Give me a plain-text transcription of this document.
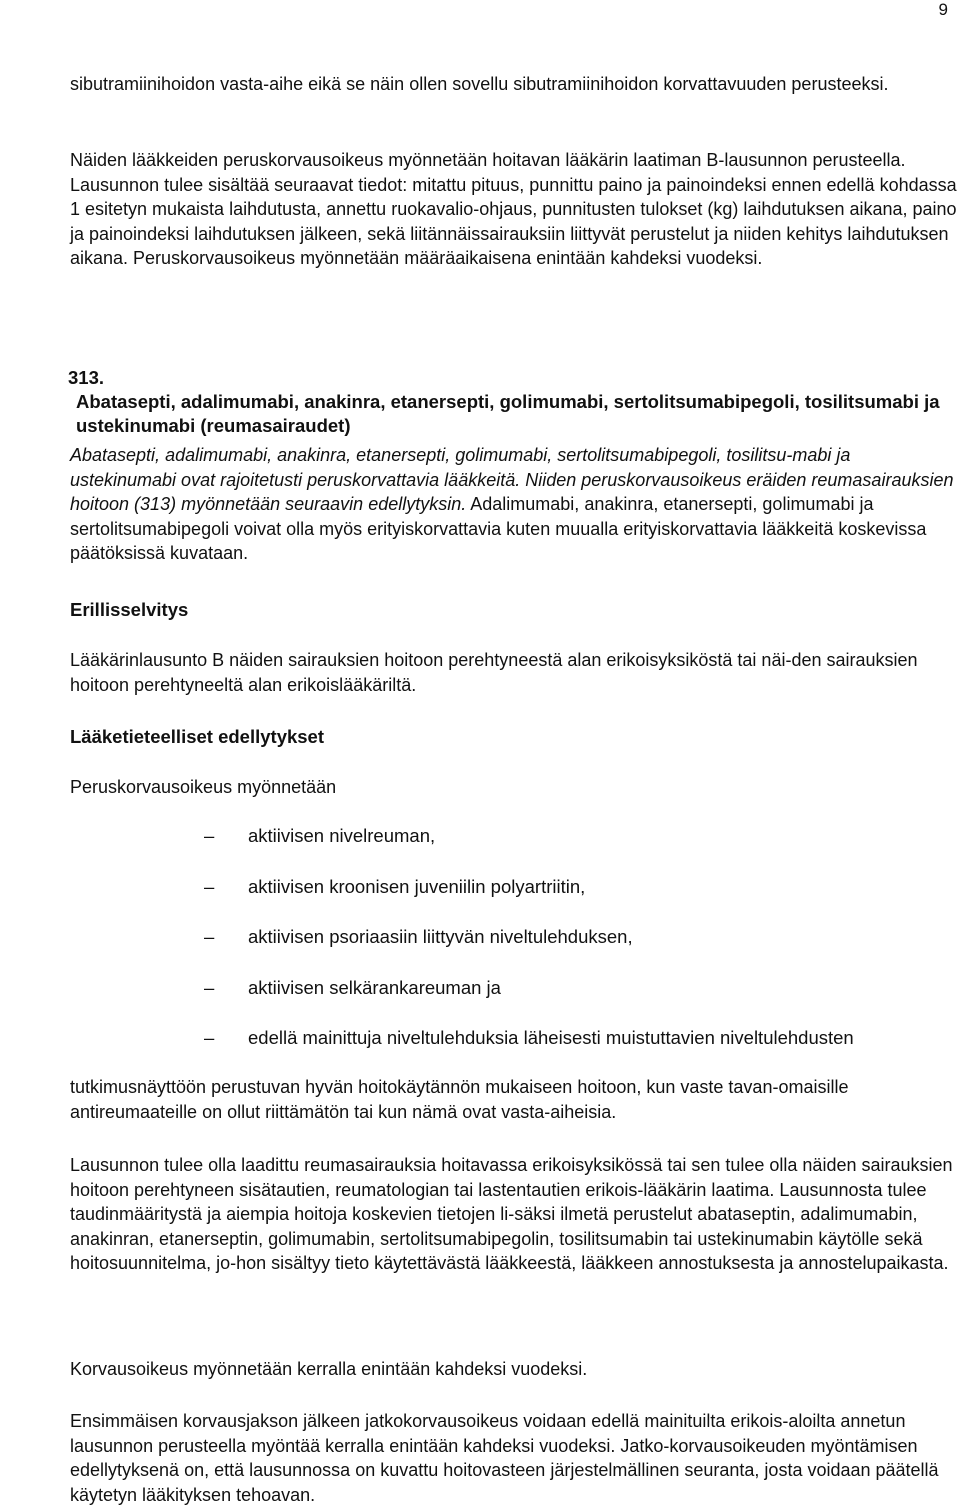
9

sibutramiinihoidon vasta-aihe eikä se näin ollen sovellu sibutramiinihoidon korvattavuuden perusteeksi.

Näiden lääkkeiden peruskorvausoikeus myönnetään hoitavan lääkärin laatiman B-lausunnon perusteella. Lausunnon tulee sisältää seuraavat tiedot: mitattu pituus, punnittu paino ja painoindeksi ennen edellä kohdassa 1 esitetyn mukaista laihdutusta, annettu ruokavalio-ohjaus, punnitusten tulokset (kg) laihdutuksen aikana, paino ja painoindeksi laihdutuksen jälkeen, sekä liitännäissairauksiin liittyvät perustelut ja niiden kehitys laihdutuksen aikana. Peruskorvausoikeus myönnetään määräaikaisena enintään kahdeksi vuodeksi.

313.
Abatasepti, adalimumabi, anakinra, etanersepti, golimumabi, sertolitsumabipegoli, tosilitsumabi ja ustekinumabi (reumasairaudet)

Abatasepti, adalimumabi, anakinra, etanersepti, golimumabi, sertolitsumabipegoli, tosilitsu-mabi ja ustekinumabi ovat rajoitetusti peruskorvattavia lääkkeitä. Niiden peruskorvausoikeus eräiden reumasairauksien hoitoon (313) myönnetään seuraavin edellytyksin. Adalimumabi, anakinra, etanersepti, golimumabi ja sertolitsumabipegoli voivat olla myös erityiskorvattavia kuten muualla erityiskorvattavia lääkkeitä koskevissa päätöksissä kuvataan.

Erillisselvitys

Lääkärinlausunto B näiden sairauksien hoitoon perehtyneestä alan erikoisyksiköstä tai näi-den sairauksien hoitoon perehtyneeltä alan erikoislääkäriltä.

Lääketieteelliset edellytykset

Peruskorvausoikeus myönnetään

– aktiivisen nivelreuman,
– aktiivisen kroonisen juveniilin polyartriitin,
– aktiivisen psoriaasiin liittyvän niveltulehduksen,
– aktiivisen selkärankareuman ja
– edellä mainittuja niveltulehduksia läheisesti muistuttavien niveltulehdusten

tutkimusnäyttöön perustuvan hyvän hoitokäytännön mukaiseen hoitoon, kun vaste tavan-omaisille antireumaateille on ollut riittämätön tai kun nämä ovat vasta-aiheisia.

Lausunnon tulee olla laadittu reumasairauksia hoitavassa erikoisyksikössä tai sen tulee olla näiden sairauksien hoitoon perehtyneen sisätautien, reumatologian tai lastentautien erikois-lääkärin laatima. Lausunnosta tulee taudinmääritystä ja aiempia hoitoja koskevien tietojen li-säksi ilmetä perustelut abataseptin, adalimumabin, anakinran, etanerseptin, golimumabin, sertolitsumabipegolin, tosilitsumabin tai ustekinumabin käytölle sekä hoitosuunnitelma, jo-hon sisältyy tieto käytettävästä lääkkeestä, lääkkeen annostuksesta ja annostelupaikasta.

Korvausoikeus myönnetään kerralla enintään kahdeksi vuodeksi.

Ensimmäisen korvausjakson jälkeen jatkokorvausoikeus voidaan edellä mainituilta erikois-aloilta annetun lausunnon perusteella myöntää kerralla enintään kahdeksi vuodeksi. Jatko-korvausoikeuden myöntämisen edellytyksenä on, että lausunnossa on kuvattu hoitovasteen järjestelmällinen seuranta, josta voidaan päätellä käytetyn lääkityksen tehoavan.
